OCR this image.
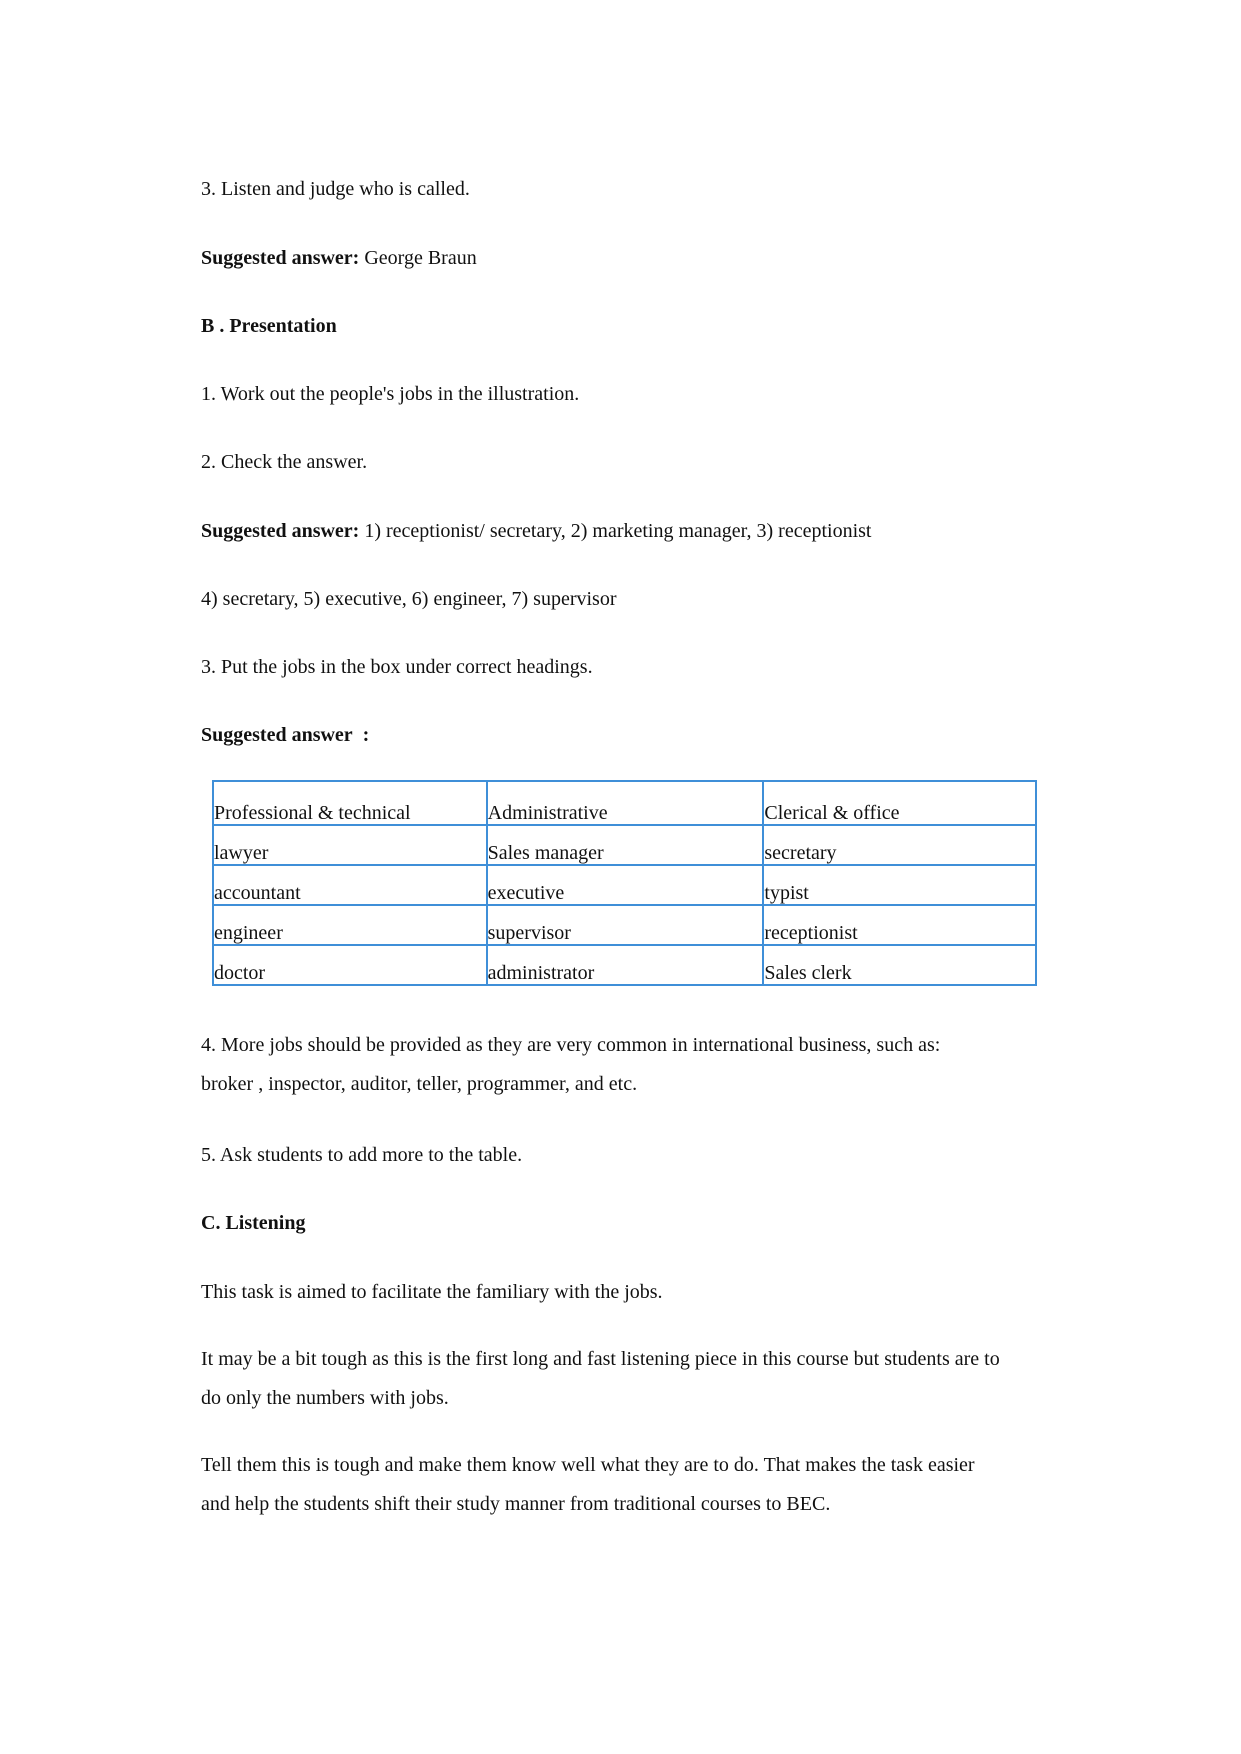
3. Listen and judge who is called.
Suggested answer: George Braun
B . Presentation
1. Work out the people's jobs in the illustration.
2. Check the answer.
Suggested answer: 1) receptionist/ secretary, 2) marketing manager, 3) receptionist
4) secretary, 5) executive, 6) engineer, 7) supervisor
3. Put the jobs in the box under correct headings.
Suggested answer  :
Professional & technical	Administrative	Clerical & office
lawyer	Sales manager	secretary
accountant	executive	typist
engineer	supervisor	receptionist
doctor	administrator	Sales clerk
4. More jobs should be provided as they are very common in international business, such as:
broker , inspector, auditor, teller, programmer, and etc.
5. Ask students to add more to the table.
C. Listening
This task is aimed to facilitate the familiary with the jobs.
It may be a bit tough as this is the first long and fast listening piece in this course but students are to
do only the numbers with jobs.
Tell them this is tough and make them know well what they are to do. That makes the task easier
and help the students shift their study manner from traditional courses to BEC.
